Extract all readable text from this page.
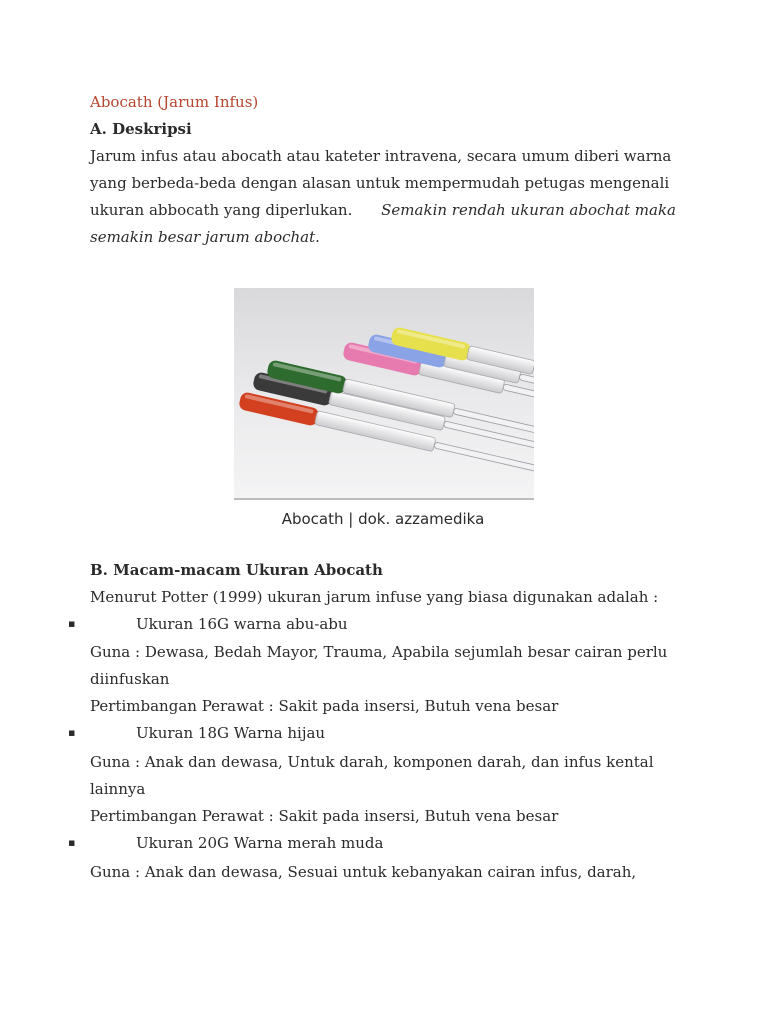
Abocath (Jarum Infus)
A. Deskripsi
Jarum infus atau abocath atau kateter intravena, secara umum diberi warna
yang berbeda-beda dengan alasan untuk mempermudah petugas mengenali
ukuran abbocath yang diperlukan. Semakin rendah ukuran abochat maka
semakin besar jarum abochat.
Abocath | dok. azzamedika
B. Macam-macam Ukuran Abocath
Menurut Potter (1999) ukuran jarum infuse yang biasa digunakan adalah :
▪	Ukuran 16G warna abu-abu
Guna : Dewasa, Bedah Mayor, Trauma, Apabila sejumlah besar cairan perlu
diinfuskan
Pertimbangan Perawat : Sakit pada insersi, Butuh vena besar
▪	Ukuran 18G Warna hijau
Guna : Anak dan dewasa, Untuk darah, komponen darah, dan infus kental
lainnya
Pertimbangan Perawat : Sakit pada insersi, Butuh vena besar
▪	Ukuran 20G Warna merah muda
Guna : Anak dan dewasa, Sesuai untuk kebanyakan cairan infus, darah,
